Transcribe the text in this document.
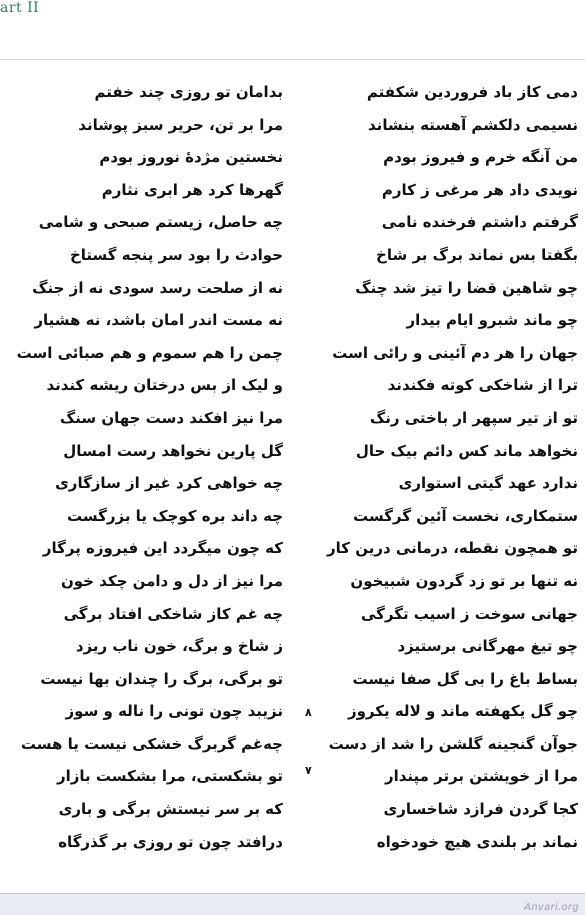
art II
دمی کاز باد فروردین شکفتم
نسیمی دلکشم آهسته بنشاند
من آنگه خرم و فیروز بودم
نویدی داد هر مرغی ز کارم
گرفتم داشتم فرخنده نامی
بگفتا بس نماند برگ بر شاخ
چو شاهین قضا را تیز شد چنگ
چو ماند شبرو ایام بیدار
جهان را هر دم آئینی و رائی است
ترا از شاخکی کوته فکندند
تو از تیر سپهر ار باختی رنگ
نخواهد ماند کس دائم بیک حال
ندارد عهد گیتی استواری
ستمکاری، نخست آئین گرگست
تو همچون نقطه، درمانی درین کار
نه تنها بر تو زد گردون شبیخون
جهانی سوخت ز اسیب تگرگی
چو تیغ مهرگانی برستیزد
بساط باغ را بی گل صفا نیست
چو گل یکهفته ماند و لاله یکروز
جوآن گنجینه گلشن را شد از دست
مرا از خویشتن برتر مپندار
کجا گردن فرازد شاخساری
نماند بر بلندی هیچ خودخواه
بدامان تو روزی چند خفتم
مرا بر تن، حریر سبز پوشاند
نخستین مژدهٔ نوروز بودم
گهرها کرد هر ابری نثارم
چه حاصل، زیستم صبحی و شامی
حوادث را بود سر پنجه گستاخ
نه از صلحت رسد سودی نه از جنگ
نه مست اندر امان باشد، نه هشیار
چمن را هم سموم و هم صبائی است
و لیک از بس درختان ریشه کندند
مرا نیز افکند دست جهان سنگ
گل پارین نخواهد رست امسال
چه خواهی کرد غیر از سازگاری
چه داند بره کوچک یا بزرگست
که چون میگردد این فیروزه پرگار
مرا نیز از دل و دامن چکد خون
چه غم کاز شاخکی افتاد برگی
ز شاخ و برگ، خون ناب ریزد
تو برگی، برگ را چندان بها نیست
نزیبد چون تونی را ناله و سوز
چه‌غم گربرگ خشکی نیست یا هست
تو بشکستی، مرا بشکست بازار
که بر سر نیستش برگی و باری
درافتد چون تو روزی بر گذرگاه
٨
٧
Anvari.org
